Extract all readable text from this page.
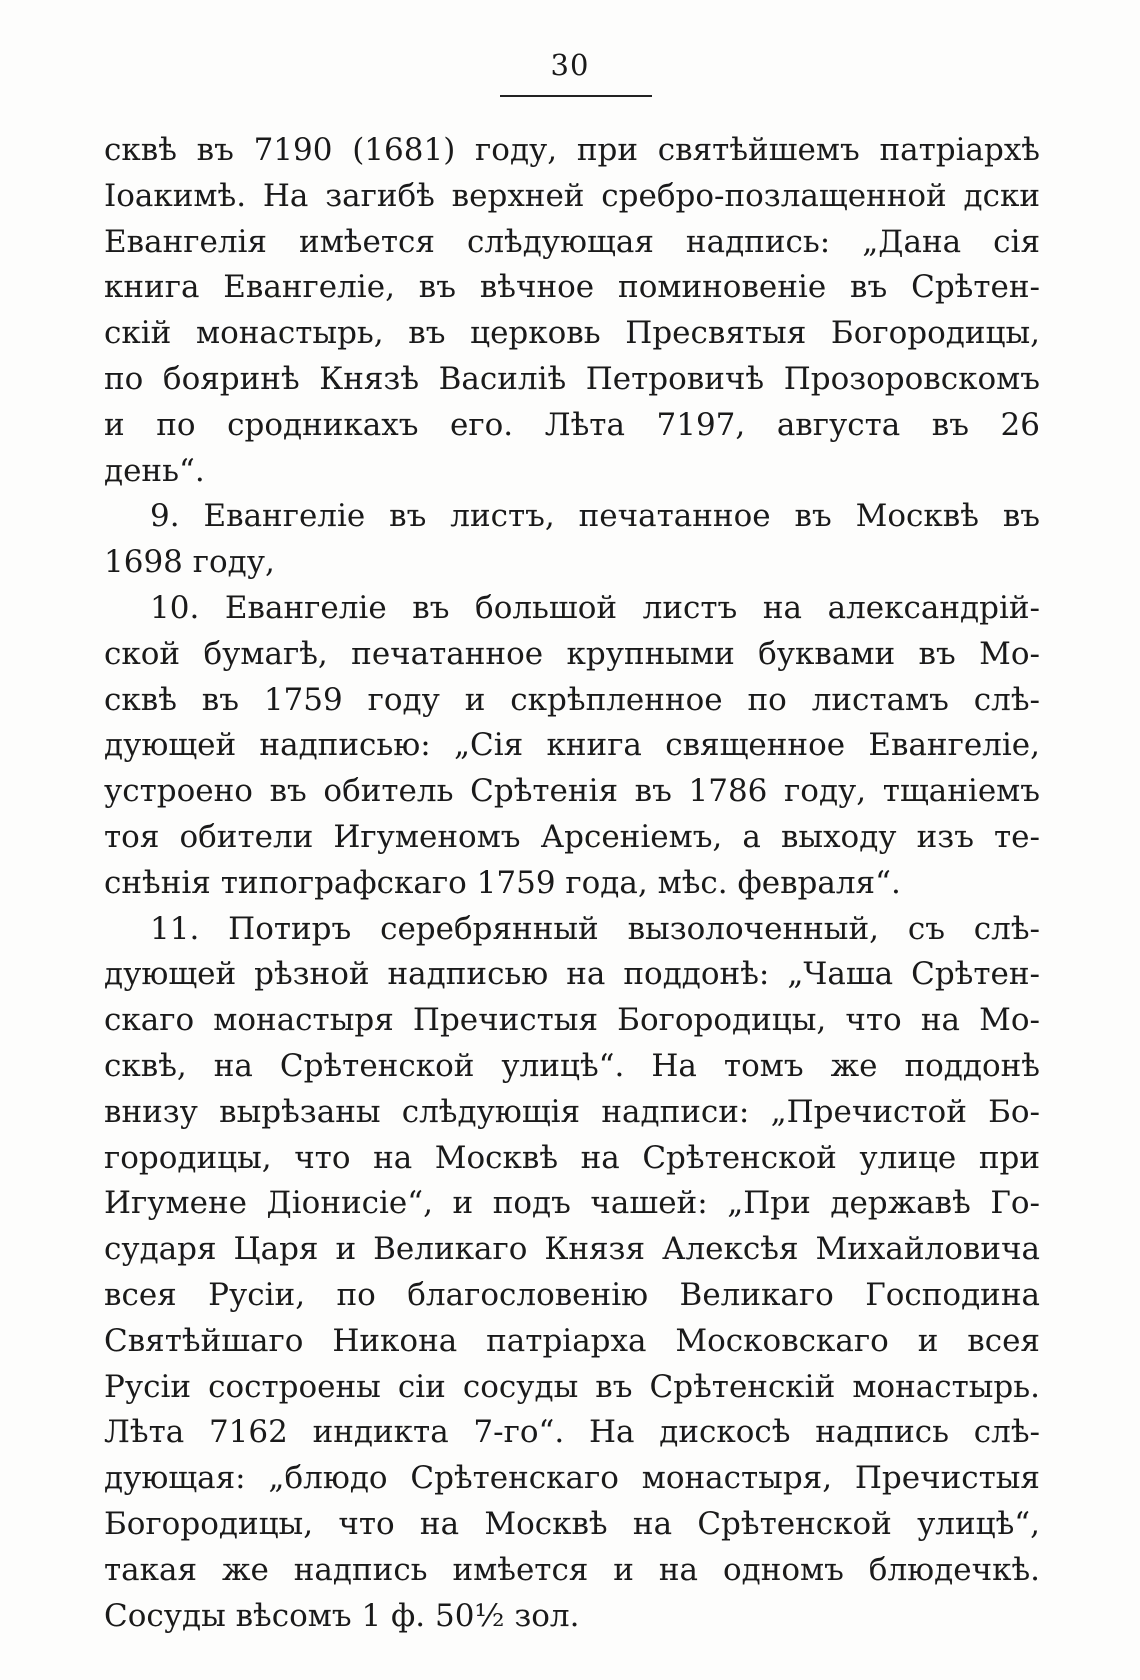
30
сквѣ въ 7190 (1681) году, при святѣйшемъ патріархѣ
Іоакимѣ. На загибѣ верхней сребро-позлащенной дски
Евангелія имѣется слѣдующая надпись: „Дана сія
книга Евангеліе, въ вѣчное поминовеніе въ Срѣтен-
скій монастырь, въ церковь Пресвятыя Богородицы,
по бояринѣ Князѣ Василіѣ Петровичѣ Прозоровскомъ
и по сродникахъ его. Лѣта 7197, августа въ 26
день“.
9. Евангеліе въ листъ, печатанное въ Москвѣ въ
1698 году,
10. Евангеліе въ большой листъ на александрій-
ской бумагѣ, печатанное крупными буквами въ Мо-
сквѣ въ 1759 году и скрѣпленное по листамъ слѣ-
дующей надписью: „Сія книга священное Евангеліе,
устроено въ обитель Срѣтенія въ 1786 году, тщаніемъ
тоя обители Игуменомъ Арсеніемъ, а выходу изъ те-
снѣнія типографскаго 1759 года, мѣс. февраля“.
11. Потиръ серебрянный вызолоченный, съ слѣ-
дующей рѣзной надписью на поддонѣ: „Чаша Срѣтен-
скаго монастыря Пречистыя Богородицы, что на Мо-
сквѣ, на Срѣтенской улицѣ“. На томъ же поддонѣ
внизу вырѣзаны слѣдующія надписи: „Пречистой Бо-
городицы, что на Москвѣ на Срѣтенской улице при
Игумене Діонисіе“, и подъ чашей: „При державѣ Го-
сударя Царя и Великаго Князя Алексѣя Михайловича
всея Русіи, по благословенію Великаго Господина
Святѣйшаго Никона патріарха Московскаго и всея
Русіи состроены сіи сосуды въ Срѣтенскій монастырь.
Лѣта 7162 индикта 7-го“. На дискосѣ надпись слѣ-
дующая: „блюдо Срѣтенскаго монастыря, Пречистыя
Богородицы, что на Москвѣ на Срѣтенской улицѣ“,
такая же надпись имѣется и на одномъ блюдечкѣ.
Сосуды вѣсомъ 1 ф. 50½ зол.
